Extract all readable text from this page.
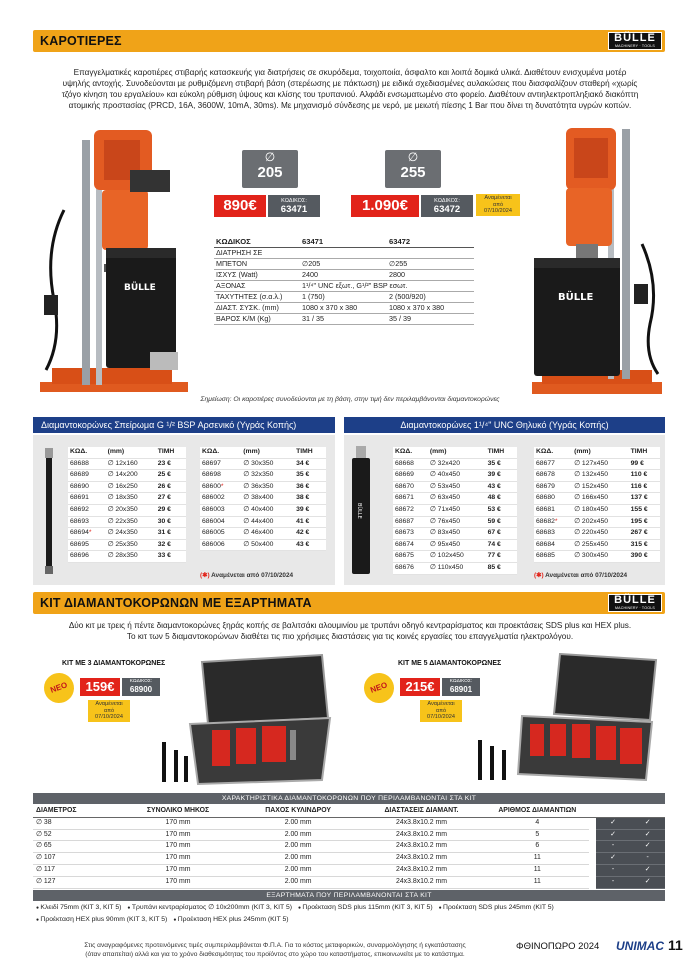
ΚΑΡΟΤΙΕΡΕΣ	BÜLLE
MACHINERY · TOOLS
Επαγγελματικές καροτιέρες στιβαρής κατασκευής για διατρήσεις σε σκυρόδεμα, τοιχοποιία, άσφαλτο και λοιπά δομικά υλικά. Διαθέτουν ενισχυμένα μοτέρ
υψηλής αντοχής. Συνοδεύονται με ρυθμιζόμενη στιβαρή βάση (στερέωσης με πάκτωση) με ειδικά σχεδιασμένες αυλακώσεις που διασφαλίζουν σταθερή «χωρίς
τζόγο κίνηση του εργαλείου» και εύκολη ρύθμιση ύψους και κλίσης του τρυπανιού. Αλφάδι ενσωματωμένο στο φορείο. Διαθέτουν αντιηλεκτροπληξιακό διακόπτη
ατομικής προστασίας (PRCD, 16A, 3600W, 10mA, 30ms). Με μηχανισμό σύνδεσης με νερό, με μειωτή πίεσης 1 Bar που δίνει τη δυνατότητα υγρών κοπών.
BÜLLE
BÜLLE
∅
205
890€	ΚΩΔΙΚΟΣ:
63471
∅
255
1.090€	ΚΩΔΙΚΟΣ:
63472
Αναμένεται
από
07/10/2024
ΚΩΔΙΚΟΣ	63471	63472
ΔΙΑΤΡΗΣΗ ΣΕ		
ΜΠΕΤΟΝ	∅205	∅255
ΙΣΧΥΣ (Watt)	2400	2800
ΑΞΟΝΑΣ	1¹/⁴" UNC εξωτ., G¹/²" BSP εσωτ.	
ΤΑΧΥΤΗΤΕΣ (σ.α.λ.)	1 (750)	2 (500/920)
ΔΙΑΣΤ. ΣΥΣΚ. (mm)	1080 x 370 x 380	1080 x 370 x 380
ΒΑΡΟΣ Κ/Μ (Kg)	31 / 35	35 / 39
Σημείωση: Οι καροτιέρες συνοδεύονται με τη βάση, στην τιμή δεν περιλαμβάνονται διαμαντοκορώνες
Διαμαντοκορώνες Σπείρωμα G ¹/² BSP Αρσενικό (Υγράς Κοπής)	Διαμαντοκορώνες 1¹/⁴" UNC Θηλυκό (Υγράς Κοπής)
BÜLLE
ΚΩΔ.	(mm)	ΤΙΜΗ
68688	∅ 12x160	23 €
68689	∅ 14x200	25 €
68690	∅ 16x250	26 €
68691	∅ 18x350	27 €
68692	∅ 20x350	29 €
68693	∅ 22x350	30 €
68694*	∅ 24x350	31 €
68695	∅ 25x350	32 €
68696	∅ 28x350	33 €
ΚΩΔ.	(mm)	ΤΙΜΗ
68697	∅ 30x350	34 €
68698	∅ 32x350	35 €
68600*	∅ 36x350	36 €
686002	∅ 38x400	38 €
686003	∅ 40x400	39 €
686004	∅ 44x400	41 €
686005	∅ 46x400	42 €
686006	∅ 50x400	43 €
ΚΩΔ.	(mm)	ΤΙΜΗ
68668	∅ 32x420	35 €
68669	∅ 40x450	39 €
68670	∅ 53x450	43 €
68671	∅ 63x450	48 €
68672	∅ 71x450	53 €
68687	∅ 76x450	59 €
68673	∅ 83x450	67 €
68674	∅ 95x450	74 €
68675	∅ 102x450	77 €
68676	∅ 110x450	85 €
ΚΩΔ.	(mm)	ΤΙΜΗ
68677	∅ 127x450	99 €
68678	∅ 132x450	110 €
68679	∅ 152x450	116 €
68680	∅ 166x450	137 €
68681	∅ 180x450	155 €
68682*	∅ 202x450	195 €
68683	∅ 220x450	267 €
68684	∅ 255x450	315 €
68685	∅ 300x450	390 €
(✱) Αναμένεται από 07/10/2024	(✱) Αναμένεται από 07/10/2024
ΚΙΤ ΔΙΑΜΑΝΤΟΚΟΡΩΝΩΝ ΜΕ ΕΞΑΡΤΗΜΑΤΑ	BÜLLE
MACHINERY · TOOLS
Δύο κιτ με τρεις ή πέντε διαμαντοκορώνες ξηράς κοπής σε βαλιτσάκι αλουμινίου με τρυπάνι οδηγό κεντραρίσματος και προεκτάσεις SDS plus και HEX plus.
Το κιτ των 5 διαμαντοκορώνων διαθέτει τις πιο χρήσιμες διαστάσεις για τις κοινές εργασίες του επαγγελματία ηλεκτρολόγου.
ΚΙΤ ΜΕ 3 ΔΙΑΜΑΝΤΟΚΟΡΩΝΕΣ
ΝΕΟ	159€	ΚΩΔΙΚΟΣ:
68900
Αναμένεται
από
07/10/2024
ΚΙΤ ΜΕ 5 ΔΙΑΜΑΝΤΟΚΟΡΩΝΕΣ
ΝΕΟ	215€	ΚΩΔΙΚΟΣ:
68901
Αναμένεται
από
07/10/2024
ΧΑΡΑΚΤΗΡΙΣΤΙΚΑ ΔΙΑΜΑΝΤΟΚΟΡΩΝΩΝ ΠΟΥ ΠΕΡΙΛΑΜΒΑΝΟΝΤΑΙ ΣΤΑ ΚΙΤ
ΔΙΑΜΕΤΡΟΣ	ΣΥΝΟΛΙΚΟ ΜΗΚΟΣ	ΠΑΧΟΣ ΚΥΛΙΝΔΡΟΥ	ΔΙΑΣΤΑΣΕΙΣ ΔΙΑΜΑΝΤ.	ΑΡΙΘΜΟΣ ΔΙΑΜΑΝΤΙΩΝ		ΚΙΤ 3	ΚΙΤ 5
∅ 38	170 mm	2.00 mm	24x3.8x10.2 mm	4		✓	✓
∅ 52	170 mm	2.00 mm	24x3.8x10.2 mm	5		✓	✓
∅ 65	170 mm	2.00 mm	24x3.8x10.2 mm	6		-	✓
∅ 107	170 mm	2.00 mm	24x3.8x10.2 mm	11		✓	-
∅ 117	170 mm	2.00 mm	24x3.8x10.2 mm	11		-	✓
∅ 127	170 mm	2.00 mm	24x3.8x10.2 mm	11		-	✓
ΕΞΑΡΤΗΜΑΤΑ ΠΟΥ ΠΕΡΙΛΑΜΒΑΝΟΝΤΑΙ ΣΤΑ ΚΙΤ
● Κλειδί 75mm (ΚΙΤ 3, ΚΙΤ 5) ● Τρυπάνι κεντραρίσματος ∅ 10x200mm (ΚΙΤ 3, ΚΙΤ 5) ● Προέκταση SDS plus 115mm (ΚΙΤ 3, ΚΙΤ 5) ● Προέκταση SDS plus 245mm (ΚΙΤ 5)
● Προέκταση HEX plus 90mm (ΚΙΤ 3, ΚΙΤ 5) ● Προέκταση HEX plus 245mm (ΚΙΤ 5)
Στις αναγραφόμενες προτεινόμενες τιμές συμπεριλαμβάνεται Φ.Π.Α. Για το κόστος μεταφορικών, συναρμολόγησης ή εγκατάστασης
(όταν απαιτείται) αλλά και για το χρόνο διαθεσιμότητας του προϊόντος στο χώρο του καταστήματος, επικοινωνείτε με το κατάστημα.
ΦΘΙΝΟΠΩΡΟ 2024 UNIMAC 11
